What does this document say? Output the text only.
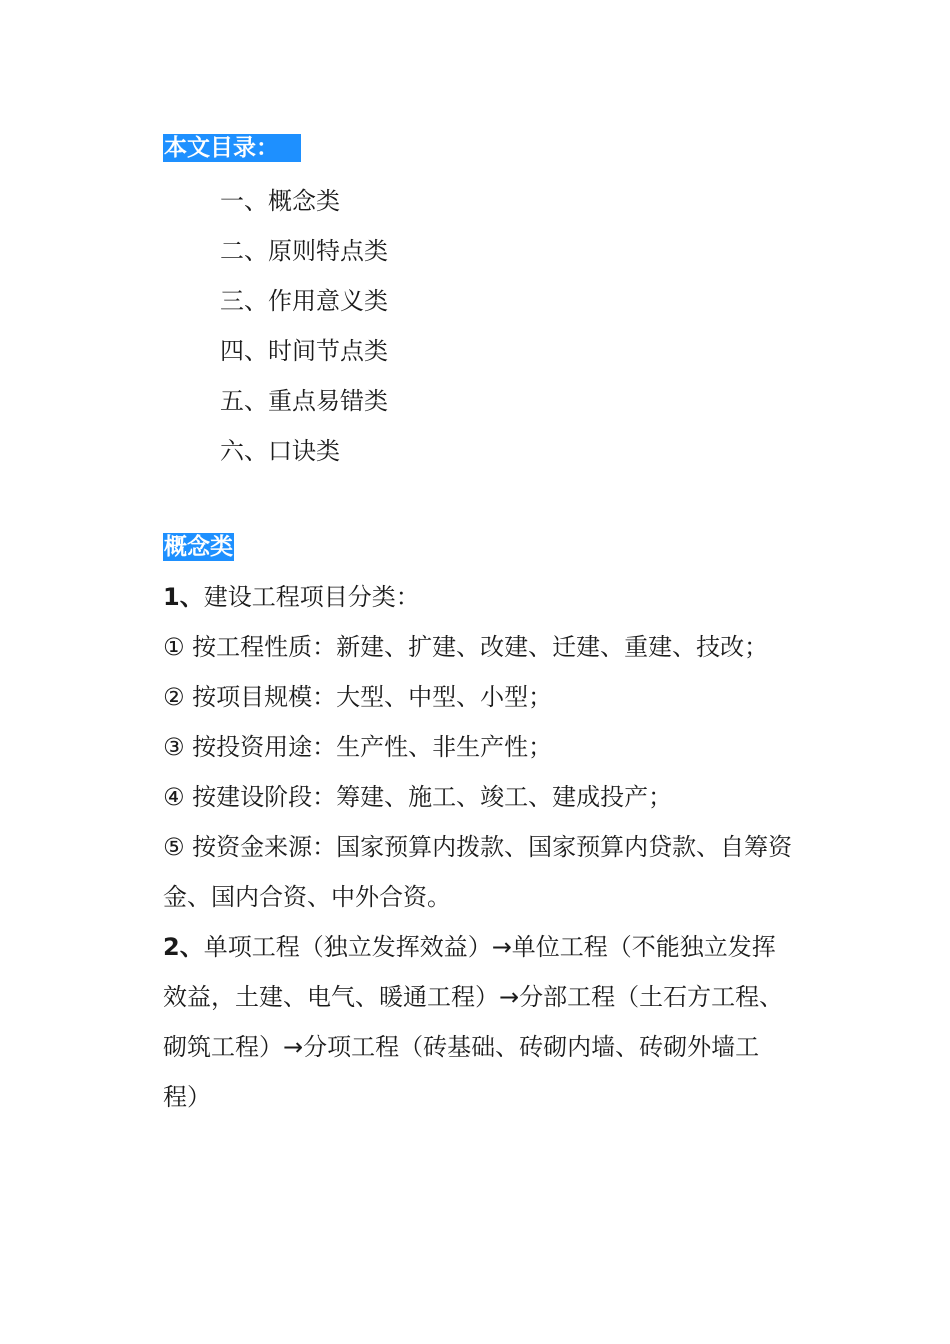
本文目录：
一、概念类
二、原则特点类
三、作用意义类
四、时间节点类
五、重点易错类
六、口诀类
概念类

1、建设工程项目分类：

① 按工程性质：新建、扩建、改建、迁建、重建、技改；

② 按项目规模：大型、中型、小型；

③ 按投资用途：生产性、非生产性；

④ 按建设阶段：筹建、施工、竣工、建成投产；

⑤ 按资金来源：国家预算内拨款、国家预算内贷款、自筹资金、国内合资、中外合资。

2、单项工程（独立发挥效益）→单位工程（不能独立发挥效益，土建、电气、暖通工程）→分部工程（土石方工程、砌筑工程）→分项工程（砖基础、砖砌内墙、砖砌外墙工程）
